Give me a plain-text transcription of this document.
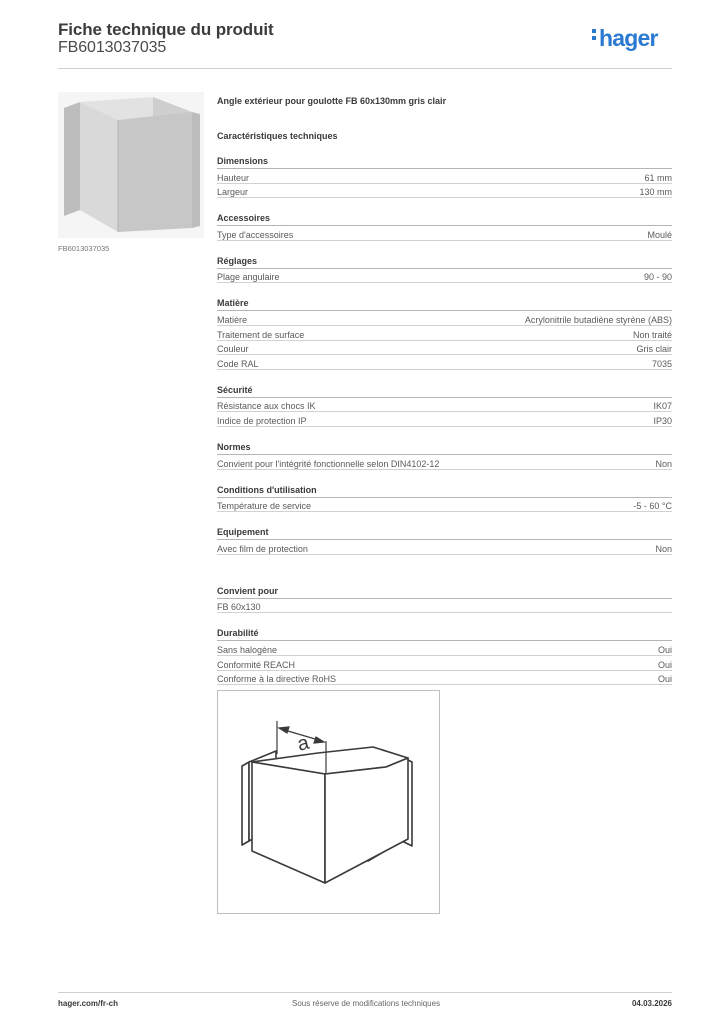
Fiche technique du produit
FB6013037035	hager
FB6013037035
Angle extérieur pour goulotte FB 60x130mm gris clair
Caractéristiques techniques
Dimensions
Hauteur	61 mm
Largeur	130 mm
Accessoires
Type d'accessoires	Moulé
Réglages
Plage angulaire	90 - 90
Matière
Matière	Acrylonitrile butadiène styrène (ABS)
Traitement de surface	Non traité
Couleur	Gris clair
Code RAL	7035
Sécurité
Résistance aux chocs IK	IK07
Indice de protection IP	IP30
Normes
Convient pour l'intégrité fonctionnelle selon DIN4102-12	Non
Conditions d'utilisation
Température de service	-5 - 60 °C
Equipement
Avec film de protection	Non
Convient pour
FB 60x130
Durabilité
Sans halogène	Oui
Conformité REACH	Oui
Conforme à la directive RoHS	Oui
a
hager.com/fr-ch	Sous réserve de modifications techniques	04.03.2026
